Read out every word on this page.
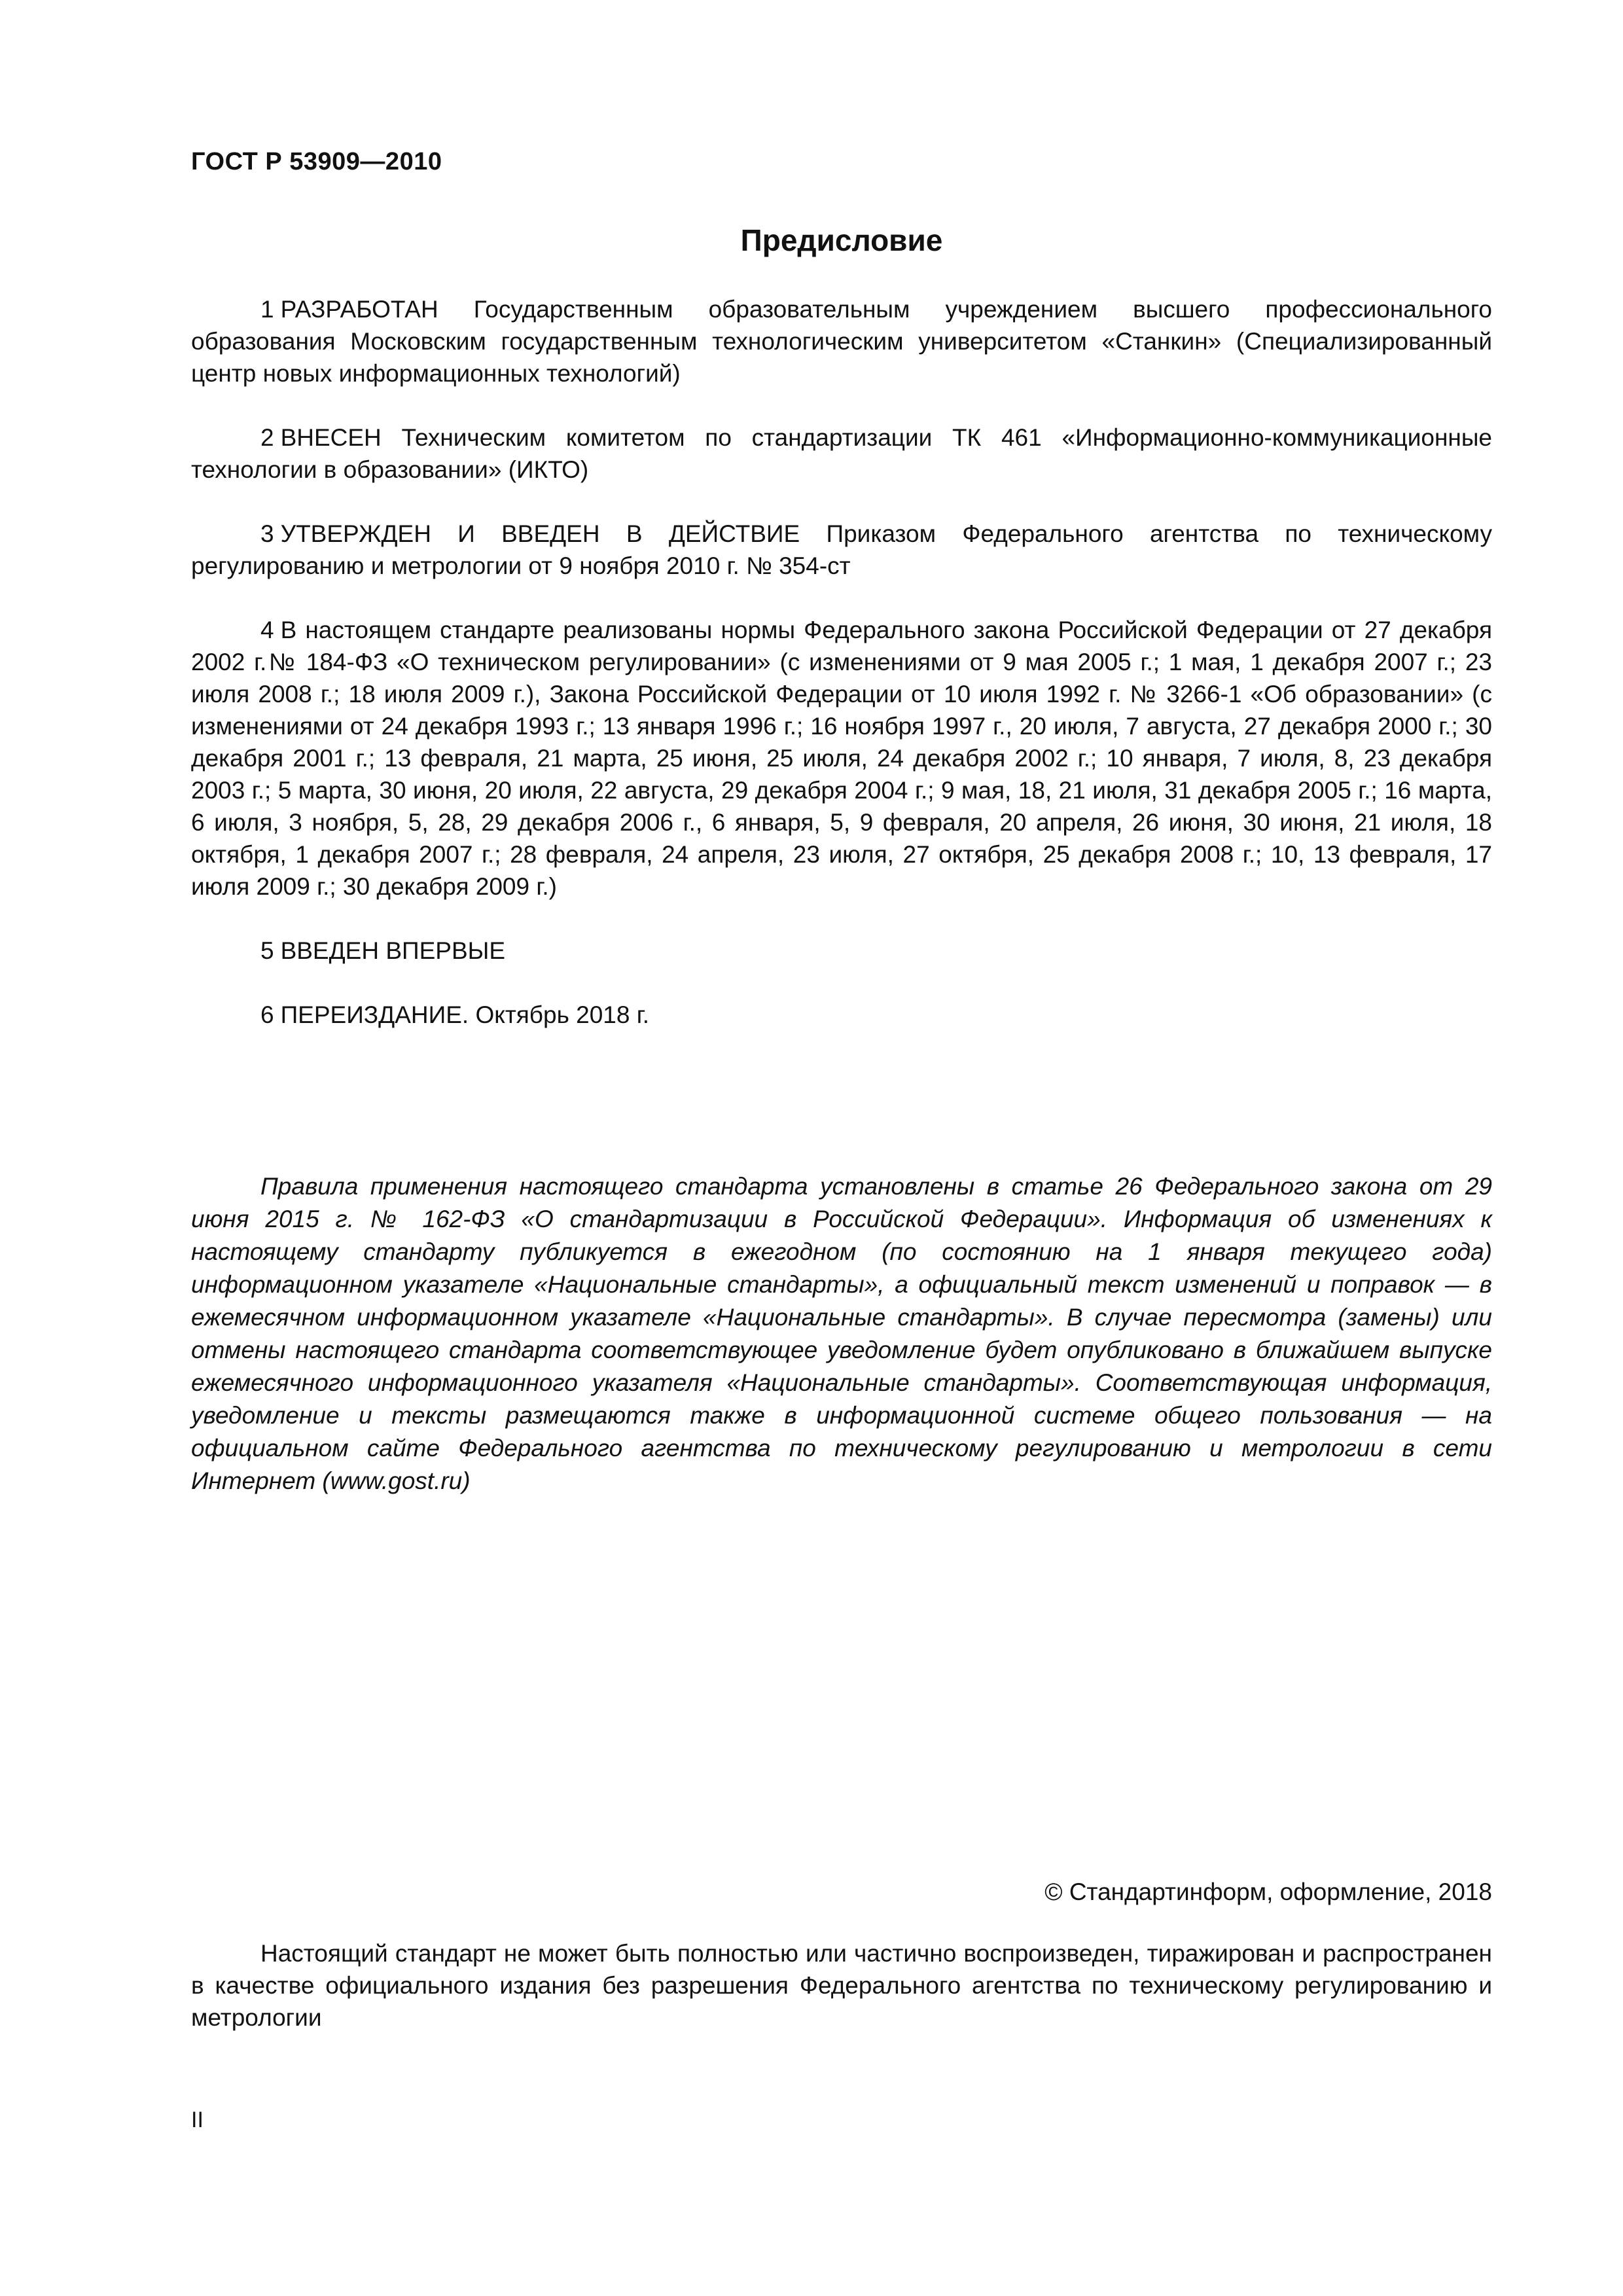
ГОСТ Р 53909—2010

Предисловие

1 РАЗРАБОТАН Государственным образовательным учреждением высшего профессионального образования Московским государственным технологическим университетом «Станкин» (Специализированный центр новых информационных технологий)

2 ВНЕСЕН Техническим комитетом по стандартизации ТК 461 «Информационно-коммуникационные технологии в образовании» (ИКТО)

3 УТВЕРЖДЕН И ВВЕДЕН В ДЕЙСТВИЕ Приказом Федерального агентства по техническому регулированию и метрологии от 9 ноября 2010 г. № 354-ст

4 В настоящем стандарте реализованы нормы Федерального закона Российской Федерации от 27 декабря 2002 г.№ 184-ФЗ «О техническом регулировании» (с изменениями от 9 мая 2005 г.; 1 мая, 1 декабря 2007 г.; 23 июля 2008 г.; 18 июля 2009 г.), Закона Российской Федерации от 10 июля 1992 г. № 3266-1 «Об образовании» (с изменениями от 24 декабря 1993 г.; 13 января 1996 г.; 16 ноября 1997 г., 20 июля, 7 августа, 27 декабря 2000 г.; 30 декабря 2001 г.; 13 февраля, 21 марта, 25 июня, 25 июля, 24 декабря 2002 г.; 10 января, 7 июля, 8, 23 декабря 2003 г.; 5 марта, 30 июня, 20 июля, 22 августа, 29 декабря 2004 г.; 9 мая, 18, 21 июля, 31 декабря 2005 г.; 16 марта, 6 июля, 3 ноября, 5, 28, 29 декабря 2006 г., 6 января, 5, 9 февраля, 20 апреля, 26 июня, 30 июня, 21 июля, 18 октября, 1 декабря 2007 г.; 28 февраля, 24 апреля, 23 июля, 27 октября, 25 декабря 2008 г.; 10, 13 февраля, 17 июля 2009 г.; 30 декабря 2009 г.)

5 ВВЕДЕН ВПЕРВЫЕ

6 ПЕРЕИЗДАНИЕ. Октябрь 2018 г.

Правила применения настоящего стандарта установлены в статье 26 Федерального закона от 29 июня 2015 г. № 162-ФЗ «О стандартизации в Российской Федерации». Информация об изменениях к настоящему стандарту публикуется в ежегодном (по состоянию на 1 января текущего года) информационном указателе «Национальные стандарты», а официальный текст изменений и поправок — в ежемесячном информационном указателе «Национальные стандарты». В случае пересмотра (замены) или отмены настоящего стандарта соответствующее уведомление будет опубликовано в ближайшем выпуске ежемесячного информационного указателя «Национальные стандарты». Соответствующая информация, уведомление и тексты размещаются также в информационной системе общего пользования — на официальном сайте Федерального агентства по техническому регулированию и метрологии в сети Интернет (www.gost.ru)

© Стандартинформ, оформление, 2018

Настоящий стандарт не может быть полностью или частично воспроизведен, тиражирован и распространен в качестве официального издания без разрешения Федерального агентства по техническому регулированию и метрологии

II
